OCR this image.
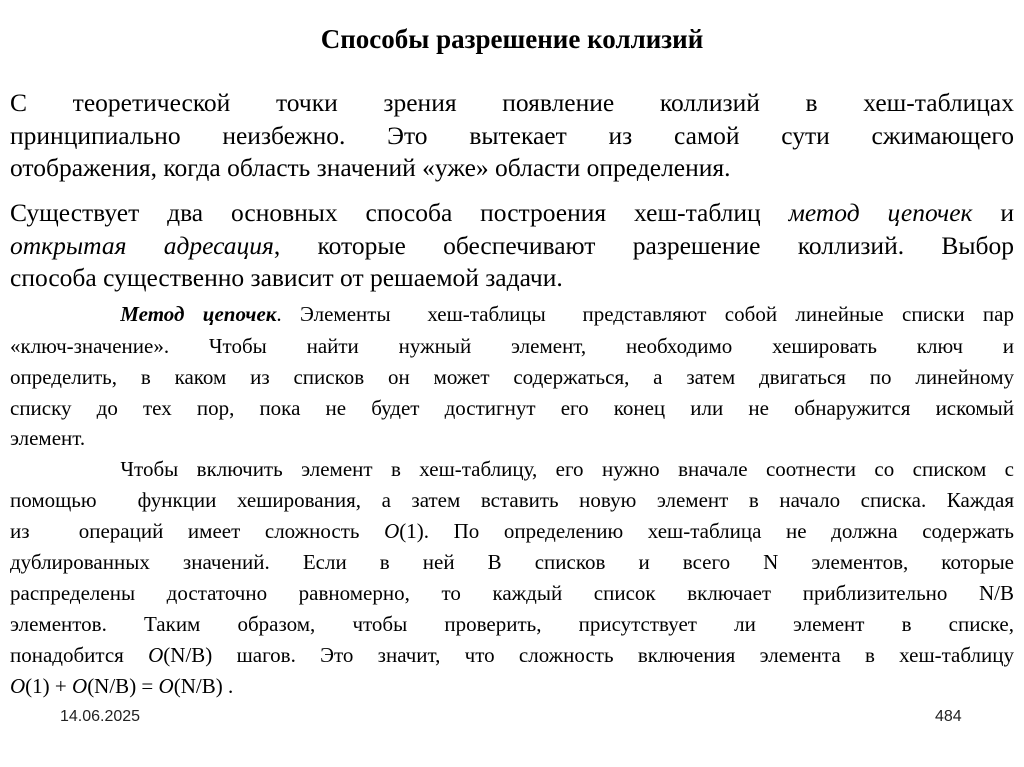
Способы разрешение коллизий
С теоретической точки зрения появление коллизий в хеш-таблицах
принципиально неизбежно. Это вытекает из самой сути сжимающего
отображения, когда область значений «уже» области определения.
Существует два основных способа построения хеш-таблиц метод цепочек и
открытая адресация, которые обеспечивают разрешение коллизий. Выбор
способа существенно зависит от решаемой задачи.
Метод цепочек. Элементы  хеш-таблицы  представляют собой линейные списки пар
«ключ-значение». Чтобы найти нужный элемент, необходимо хешировать ключ и
определить, в каком из списков он может содержаться, а затем двигаться по линейному
списку до тех пор, пока не будет достигнут его конец или не обнаружится искомый
элемент.
Чтобы включить элемент в хеш-таблицу, его нужно вначале соотнести со списком с
помощью  функции хеширования, а затем вставить новую элемент в начало списка. Каждая
из  операций имеет сложность O(1). По определению хеш-таблица не должна содержать
дублированных значений. Если в ней B списков и всего N элементов, которые
распределены достаточно равномерно, то каждый список включает приблизительно N/B
элементов. Таким образом, чтобы проверить, присутствует ли элемент в списке,
понадобится O(N/B) шагов. Это значит, что сложность включения элемента в хеш-таблицу
O(1) + O(N/B) = O(N/B) .
14.06.2025	484
